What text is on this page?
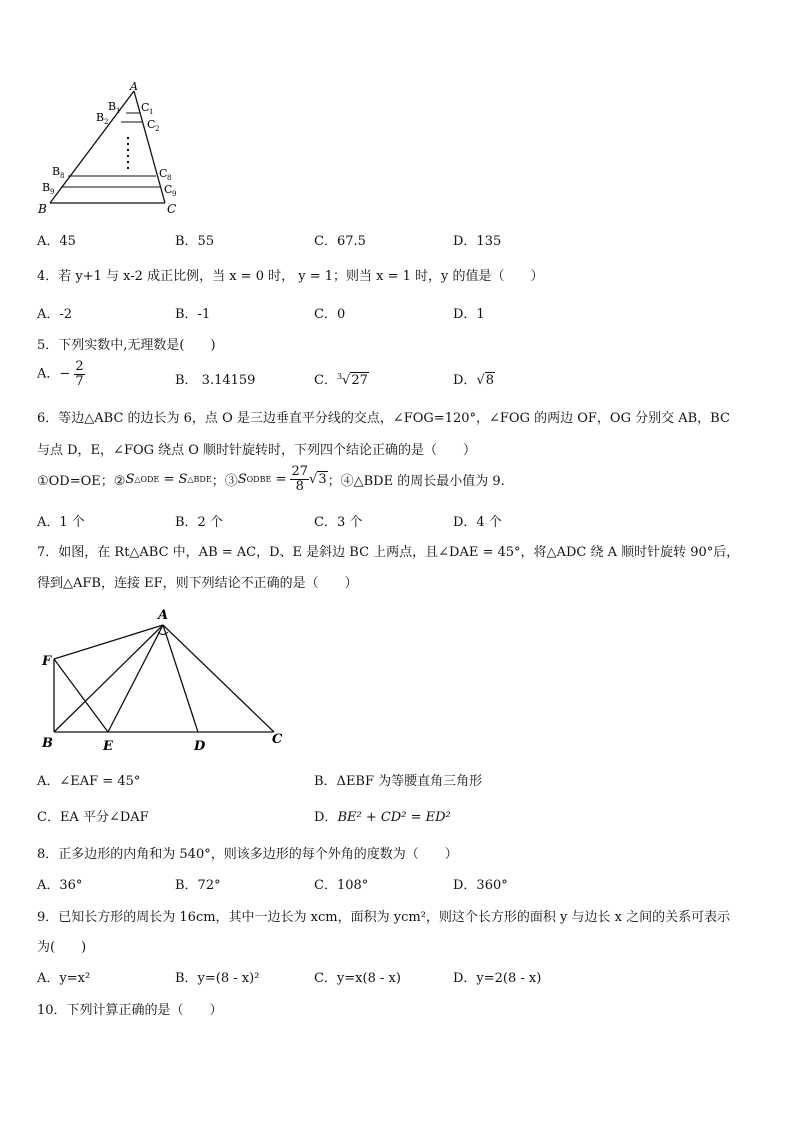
A
B 1 C 1
B 2	C 2
B 8	C 8
B 9	C 9
B	C
A．45	B．55	C．67.5	D．135
4．若 y+1 与 x-2 成正比例，当 x = 0 时， y = 1；则当 x = 1 时，y 的值是（　　）
A．-2	B．-1	C．0	D．1
5．下列实数中,无理数是(　　)
A．− $\frac{2}{7}$	B． 3.14159	C．$^3$√27	D．√8
6．等边△ABC 的边长为 6，点 O 是三边垂直平分线的交点，∠FOG=120°，∠FOG 的两边 OF，OG 分别交 AB，BC
与点 D，E，∠FOG 绕点 O 顺时针旋转时，下列四个结论正确的是（　　）
①OD=OE；② S △ODE = S △BDE ；③ S ODBE = $\frac{27}{8}$ √ 3 ；④△BDE 的周长最小值为 9.
A．1 个	B．2 个	C．3 个	D．4 个
7．如图，在 Rt△ABC 中，AB = AC，D、E 是斜边 BC 上两点，且∠DAE = 45°，将△ADC 绕 A 顺时针旋转 90°后，
得到△AFB，连接 EF，则下列结论不正确的是（　　）
A
F
B	E	D	C
A．∠EAF = 45°	B．ΔEBF 为等腰直角三角形
C．EA 平分∠DAF	D．BE² + CD² = ED²
8．正多边形的内角和为 540°，则该多边形的每个外角的度数为（　　）
A．36°	B．72°	C．108°	D．360°
9．已知长方形的周长为 16cm，其中一边长为 xcm，面积为 ycm²，则这个长方形的面积 y 与边长 x 之间的关系可表示
为(　　)
A．y=x²	B．y=(8 - x)²	C．y=x(8 - x)	D．y=2(8 - x)
10．下列计算正确的是（　　）
